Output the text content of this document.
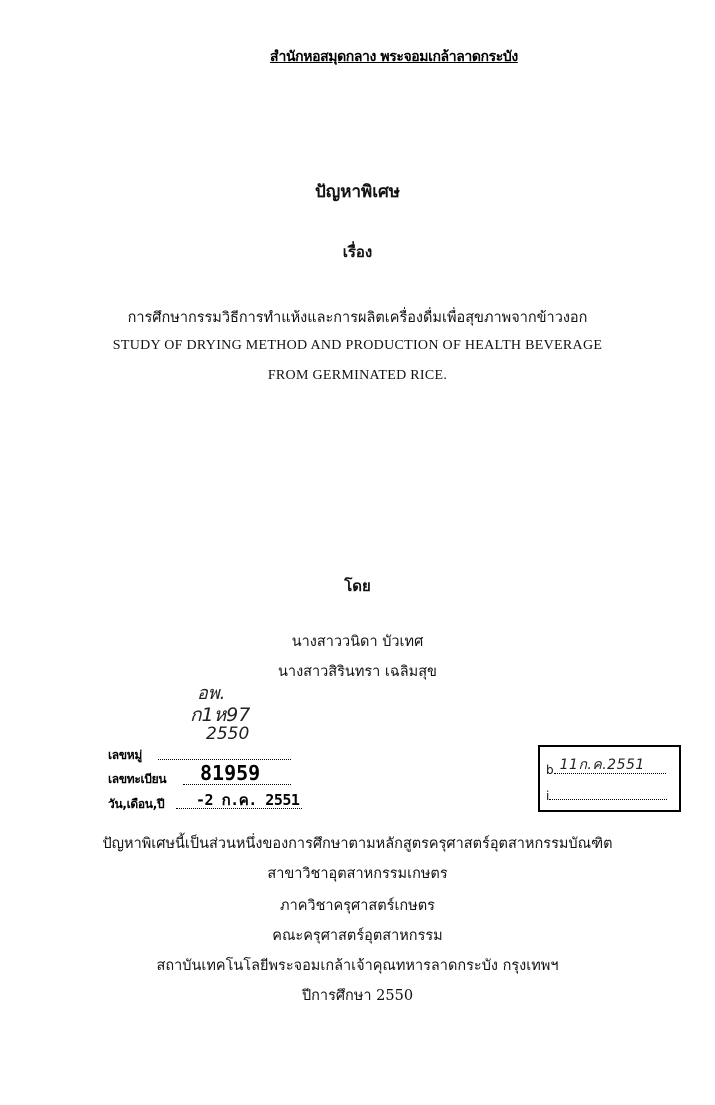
สำนักหอสมุดกลาง พระจอมเกล้าลาดกระบัง
ปัญหาพิเศษ
เรื่อง
การศึกษากรรมวิธีการทำแห้งและการผลิตเครื่องดื่มเพื่อสุขภาพจากข้าวงอก
STUDY OF DRYING METHOD AND PRODUCTION OF HEALTH BEVERAGE
FROM GERMINATED RICE.
โดย
นางสาววนิดา บัวเทศ
นางสาวสิรินทรา เฉลิมสุข
อพ.
ก1ห97
2550
เลขหมู่
เลขทะเบียน 81959
วัน,เดือน,ปี -2 ก.ค. 2551
b 11ก.ค.2551
i
ปัญหาพิเศษนี้เป็นส่วนหนึ่งของการศึกษาตามหลักสูตรครุศาสตร์อุตสาหกรรมบัณฑิต
สาขาวิชาอุตสาหกรรมเกษตร
ภาควิชาครุศาสตร์เกษตร
คณะครุศาสตร์อุตสาหกรรม
สถาบันเทคโนโลยีพระจอมเกล้าเจ้าคุณทหารลาดกระบัง กรุงเทพฯ
ปีการศึกษา 2550
